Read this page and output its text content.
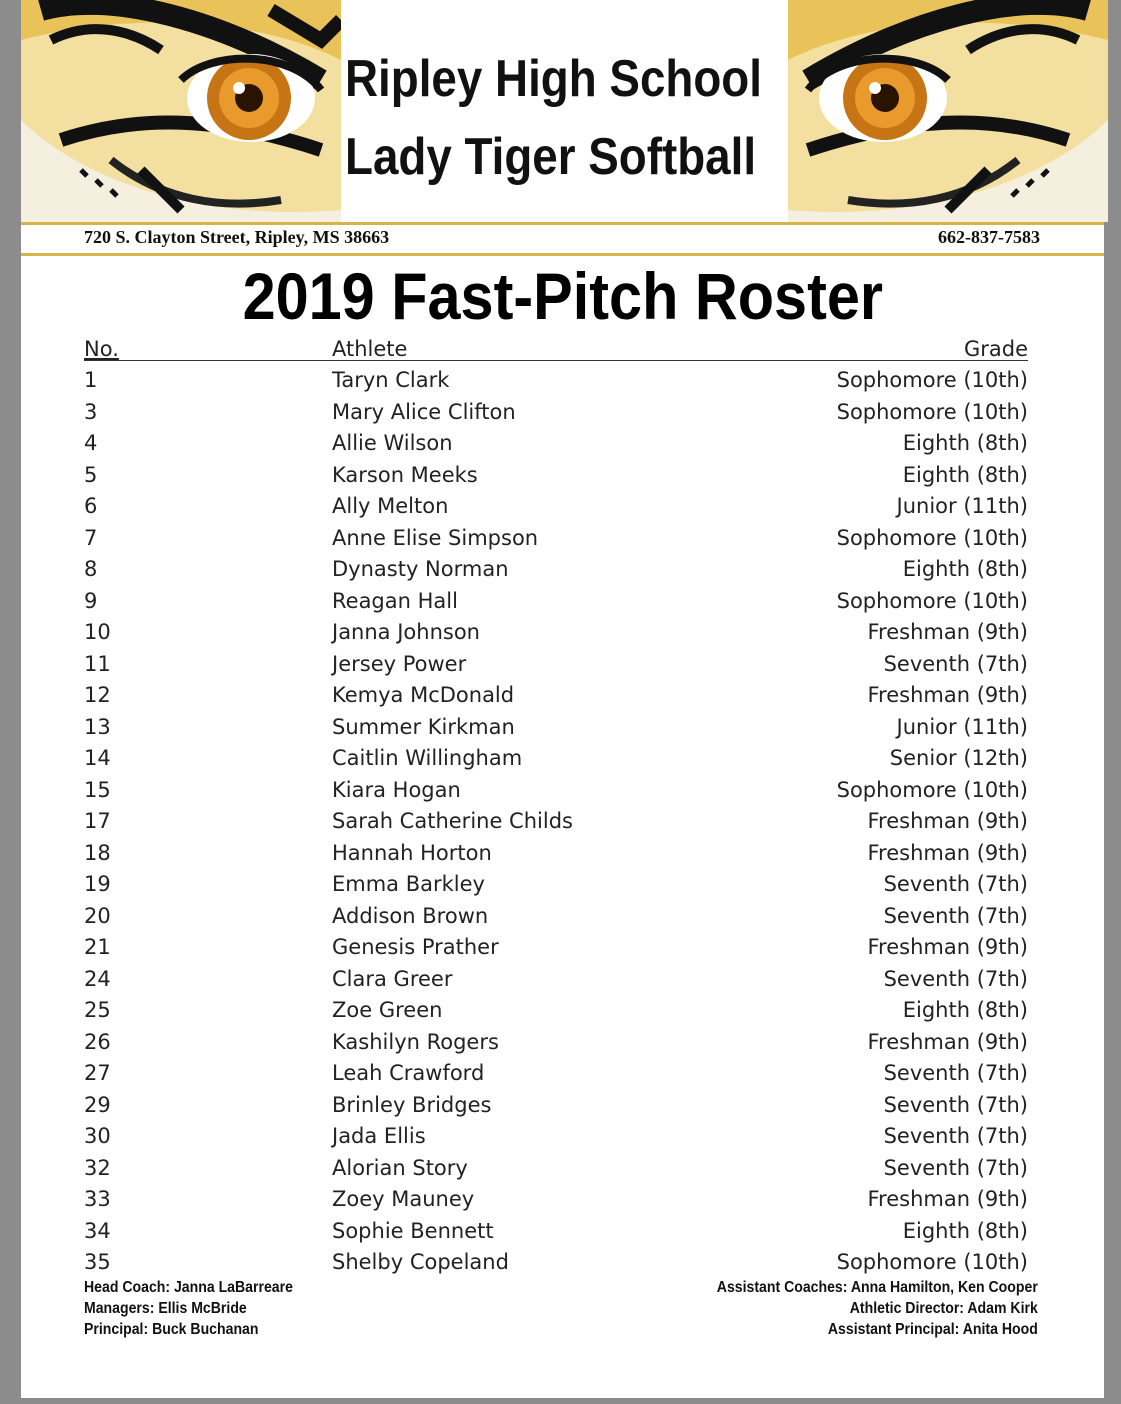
Ripley High School
Lady Tiger Softball
720 S. Clayton Street, Ripley, MS 38663	662-837-7583
2019 Fast-Pitch Roster
No.	Athlete	Grade
1	Taryn Clark	Sophomore (10th)
3	Mary Alice Clifton	Sophomore (10th)
4	Allie Wilson	Eighth (8th)
5	Karson Meeks	Eighth (8th)
6	Ally Melton	Junior (11th)
7	Anne Elise Simpson	Sophomore (10th)
8	Dynasty Norman	Eighth (8th)
9	Reagan Hall	Sophomore (10th)
10	Janna Johnson	Freshman (9th)
11	Jersey Power	Seventh (7th)
12	Kemya McDonald	Freshman (9th)
13	Summer Kirkman	Junior (11th)
14	Caitlin Willingham	Senior (12th)
15	Kiara Hogan	Sophomore (10th)
17	Sarah Catherine Childs	Freshman (9th)
18	Hannah Horton	Freshman (9th)
19	Emma Barkley	Seventh (7th)
20	Addison Brown	Seventh (7th)
21	Genesis Prather	Freshman (9th)
24	Clara Greer	Seventh (7th)
25	Zoe Green	Eighth (8th)
26	Kashilyn Rogers	Freshman (9th)
27	Leah Crawford	Seventh (7th)
29	Brinley Bridges	Seventh (7th)
30	Jada Ellis	Seventh (7th)
32	Alorian Story	Seventh (7th)
33	Zoey Mauney	Freshman (9th)
34	Sophie Bennett	Eighth (8th)
35	Shelby Copeland	Sophomore (10th)
Head Coach: Janna LaBarreare
Managers: Ellis McBride
Principal: Buck Buchanan
Assistant Coaches: Anna Hamilton, Ken Cooper
Athletic Director: Adam Kirk
Assistant Principal: Anita Hood
